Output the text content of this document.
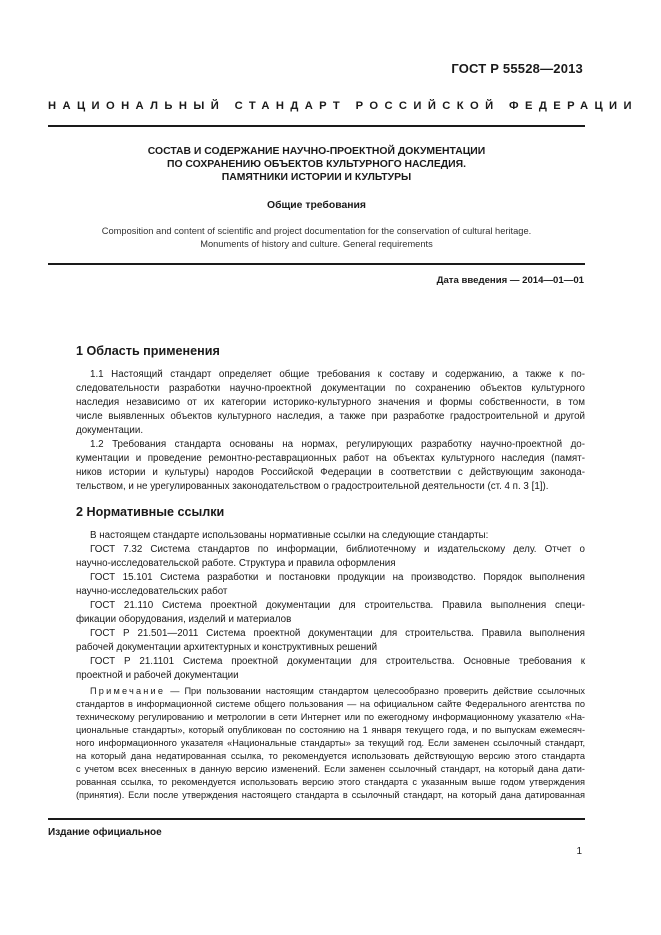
ГОСТ Р 55528—2013
НАЦИОНАЛЬНЫЙ СТАНДАРТ РОССИЙСКОЙ ФЕДЕРАЦИИ
СОСТАВ И СОДЕРЖАНИЕ НАУЧНО-ПРОЕКТНОЙ ДОКУМЕНТАЦИИ
ПО СОХРАНЕНИЮ ОБЪЕКТОВ КУЛЬТУРНОГО НАСЛЕДИЯ.
ПАМЯТНИКИ ИСТОРИИ И КУЛЬТУРЫ
Общие требования
Composition and content of scientific and project documentation for the conservation of cultural heritage.
Monuments of history and culture. General requirements
Дата введения — 2014—01—01
1 Область применения
1.1 Настоящий стандарт определяет общие требования к составу и содержанию, а также к по-
следовательности разработки научно-проектной документации по сохранению объектов культурного
наследия независимо от их категории историко-культурного значения и формы собственности, в том
числе выявленных объектов культурного наследия, а также при разработке градостроительной и другой
документации.
1.2 Требования стандарта основаны на нормах, регулирующих разработку научно-проектной до-
кументации и проведение ремонтно-реставрационных работ на объектах культурного наследия (памят-
ников истории и культуры) народов Российской Федерации в соответствии с действующим законода-
тельством, и не урегулированных законодательством о градостроительной деятельности (ст. 4 п. 3 [1]).
2 Нормативные ссылки
В настоящем стандарте использованы нормативные ссылки на следующие стандарты:
ГОСТ 7.32 Система стандартов по информации, библиотечному и издательскому делу. Отчет о
научно-исследовательской работе. Структура и правила оформления
ГОСТ 15.101 Система разработки и постановки продукции на производство. Порядок выполнения
научно-исследовательских работ
ГОСТ 21.110 Система проектной документации для строительства. Правила выполнения специ-
фикации оборудования, изделий и материалов
ГОСТ Р 21.501—2011 Система проектной документации для строительства. Правила выполнения
рабочей документации архитектурных и конструктивных решений
ГОСТ Р 21.1101 Система проектной документации для строительства. Основные требования к
проектной и рабочей документации
Примечание — При пользовании настоящим стандартом целесообразно проверить действие ссылочных
стандартов в информационной системе общего пользования — на официальном сайте Федерального агентства по
техническому регулированию и метрологии в сети Интернет или по ежегодному информационному указателю «На-
циональные стандарты», который опубликован по состоянию на 1 января текущего года, и по выпускам ежемесяч-
ного информационного указателя «Национальные стандарты» за текущий год. Если заменен ссылочный стандарт,
на который дана недатированная ссылка, то рекомендуется использовать действующую версию этого стандарта
с учетом всех внесенных в данную версию изменений. Если заменен ссылочный стандарт, на который дана дати-
рованная ссылка, то рекомендуется использовать версию этого стандарта с указанным выше годом утверждения
(принятия). Если после утверждения настоящего стандарта в ссылочный стандарт, на который дана датированная
Издание официальное
1
